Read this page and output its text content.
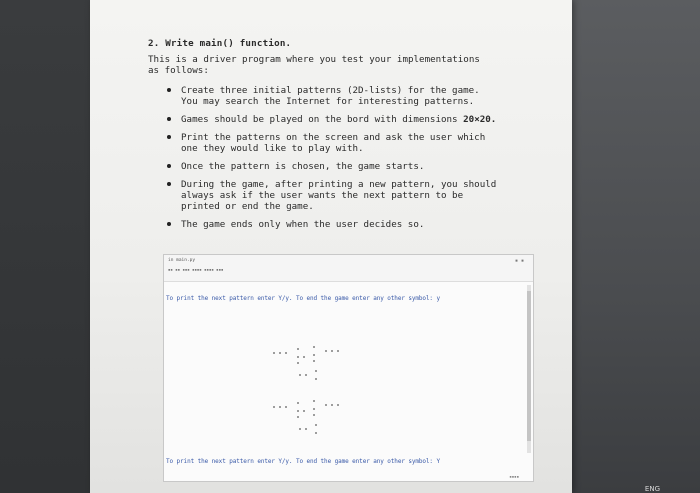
2. Write main() function.
This is a driver program where you test your implementations
as follows:
Create three initial patterns (2D-lists) for the game.
You may search the Internet for interesting patterns.
Games should be played on the bord with dimensions 20×20.
Print the patterns on the screen and ask the user which
one they would like to play with.
Once the pattern is chosen, the game starts.
During the game, after printing a new pattern, you should
always ask if the user wants the next pattern to be
printed or end the game.
The game ends only when the user decides so.
in main.py
▪▪ ▪▪ ▪▪▪ ▪▪▪▪ ▪▪▪▪ ▪▪▪
▪▪
To print the next pattern enter Y/y. To end the game enter any other symbol: y
To print the next pattern enter Y/y. To end the game enter any other symbol: Y
▪▪▪▪
ENG
